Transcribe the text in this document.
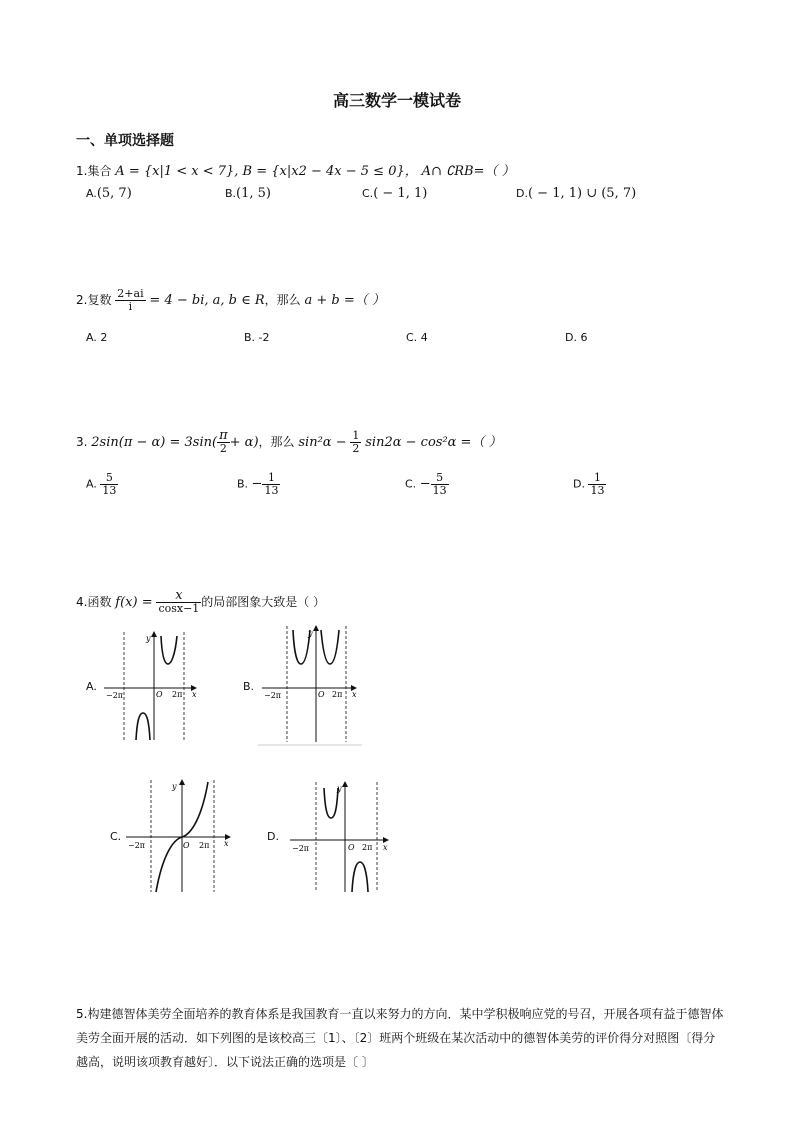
高三数学一模试卷
一、单项选择题
1.集合 A = {x|1 < x < 7}, B = {x|x2 − 4x − 5 ≤ 0}， A∩ ∁RB=（ ）
A.(5, 7)	B.(1, 5)	C.( − 1, 1)	D.( − 1, 1) ∪ (5, 7)
2.复数 $\frac{2+ai}{i} = 4$ − bi, a, b ∈ R，那么 a + b =（ ）
A. 2	B. -2	C. 4	D. 6
3. $2\sin(\pi - \alpha) = 3\sin( \frac{\pi}{2} + \alpha)$，那么 $\sin^2\alpha - \frac{1}{2} \sin 2\alpha - \cos^2\alpha$ =（ ）
A. $\frac{5}{13}$	B. − $\frac{1}{13}$	C. − $\frac{5}{13}$	D. $\frac{1}{13}$
4.函数 $f(x) = \frac{x}{\cos x-1}$ 的局部图象大致是（ ）
A.	B.
C.	D.
y
x
O
−2π	2π
y
x
O
−2π	2π
y
x
O
−2π	2π
y
x
O
−2π	2π
5.构建德智体美劳全面培养的教育体系是我国教育一直以来努力的方向．某中学积极响应党的号召，开展各项有益于德智体美劳全面开展的活动．如下列图的是该校高三〔1〕、〔2〕班两个班级在某次活动中的德智体美劳的评价得分对照图〔得分越高，说明该项教育越好〕．以下说法正确的选项是〔 〕
